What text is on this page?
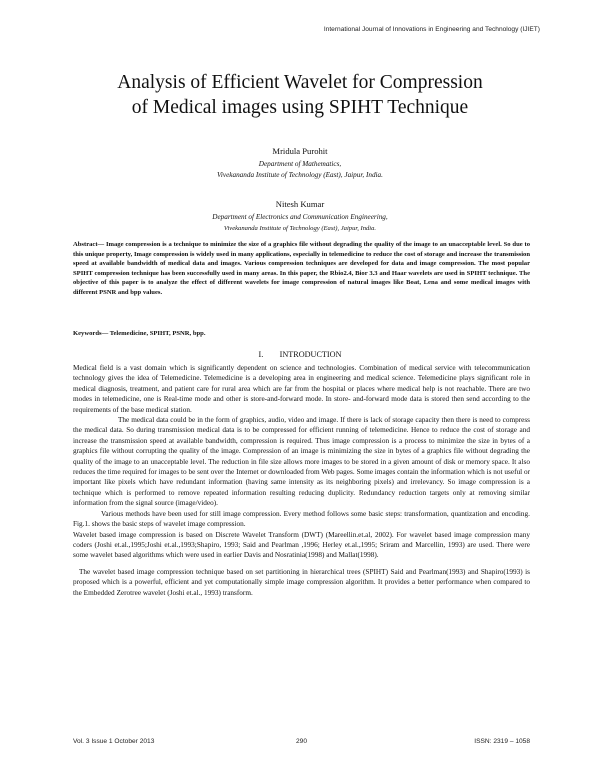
International Journal of Innovations in Engineering and Technology (IJIET)
Analysis of Efficient Wavelet for Compression
of Medical images using SPIHT Technique
Mridula Purohit
Department of Mathematics,
Vivekananda Institute of Technology (East), Jaipur, India.
Nitesh Kumar
Department of Electronics and Communication Engineering,
Vivekananda Institute of Technology (East), Jaipur, India.
Abstract— Image compression is a technique to minimize the size of a graphics file without degrading the quality of the image to an unacceptable level. So due to this unique property, Image compression is widely used in many applications, especially in telemedicine to reduce the cost of storage and increase the transmission speed at available bandwidth of medical data and images. Various compression techniques are developed for data and image compression. The most popular SPIHT compression technique has been successfully used in many areas. In this paper, the Rbio2.4, Bior 3.3 and Haar wavelets are used in SPIHT technique. The objective of this paper is to analyze the effect of different wavelets for image compression of natural images like Boat, Lena and some medical images with different PSNR and bpp values.
Keywords— Telemedicine, SPIHT, PSNR, bpp.
I.        INTRODUCTION

Medical field is a vast domain which is significantly dependent on science and technologies. Combination of medical service with telecommunication technology gives the idea of Telemedicine. Telemedicine is a developing area in engineering and medical science. Telemedicine plays significant role in medical diagnosis, treatment, and patient care for rural area which are far from the hospital or places where medical help is not reachable. There are two modes in telemedicine, one is Real-time mode and other is store-and-forward mode. In store- and-forward mode data is stored then send according to the requirements of the base medical station.

The medical data could be in the form of graphics, audio, video and image. If there is lack of storage capacity then there is need to compress the medical data. So during transmission medical data is to be compressed for efficient running of telemedicine. Hence to reduce the cost of storage and increase the transmission speed at available bandwidth, compression is required. Thus image compression is a process to minimize the size in bytes of a graphics file without corrupting the quality of the image. Compression of an image is minimizing the size in bytes of a graphics file without degrading the quality of the image to an unacceptable level. The reduction in file size allows more images to be stored in a given amount of disk or memory space. It also reduces the time required for images to be sent over the Internet or downloaded from Web pages. Some images contain the information which is not useful or important like pixels which have redundant information (having same intensity as its neighboring pixels) and irrelevancy. So image compression is a technique which is performed to remove repeated information resulting reducing duplicity. Redundancy reduction targets only at removing similar information from the signal source (image/video).

Various methods have been used for still image compression. Every method follows some basic steps: transformation, quantization and encoding. Fig.1. shows the basic steps of wavelet image compression.

Wavelet based image compression is based on Discrete Wavelet Transform (DWT) (Mareellin.et.al, 2002). For wavelet based image compression many coders (Joshi et.al.,1995;Joshi et.al.,1993;Shapiro, 1993; Said and Pearlman ,1996; Herley et.al.,1995; Sriram and Marcellin, 1993) are used. There were some wavelet based algorithms which were used in earlier Davis and Nosratinia(1998) and Mallat(1998).

The wavelet based image compression technique based on set partitioning in hierarchical trees (SPIHT) Said and Pearlman(1993) and Shapiro(1993) is proposed which is a powerful, efficient and yet computationally simple image compression algorithm. It provides a better performance when compared to the Embedded Zerotree wavelet (Joshi et.al., 1993) transform.

Vol. 3 Issue 1 October 2013	290	ISSN: 2319 – 1058
